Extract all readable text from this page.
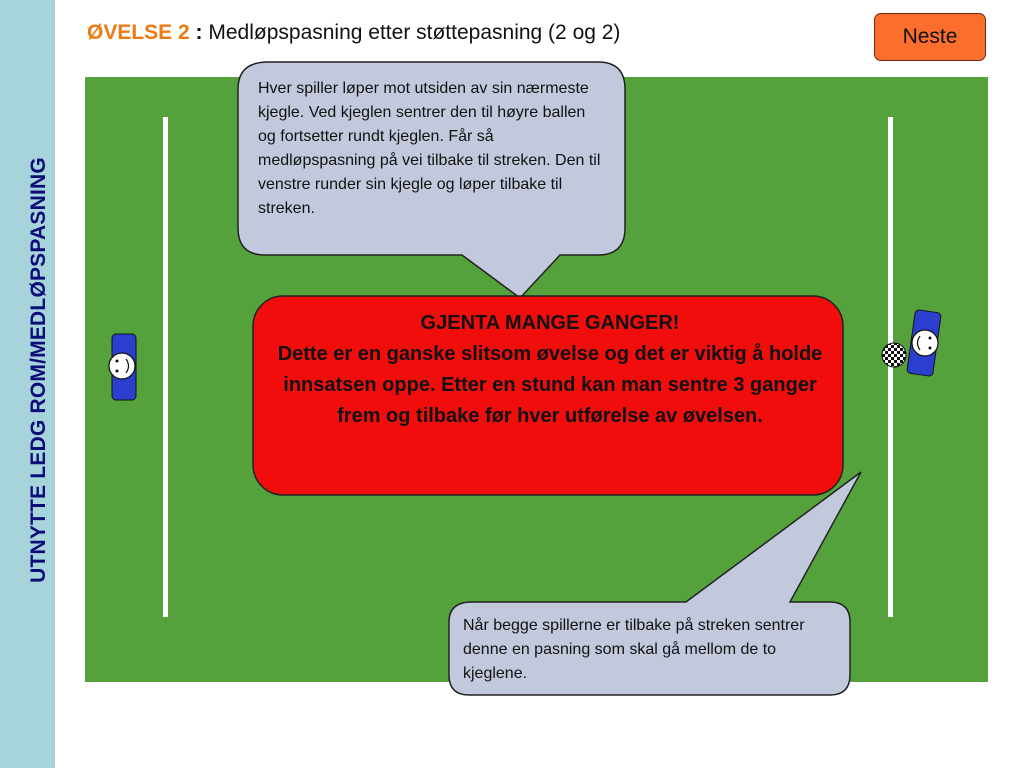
UTNYTTE LEDG ROM/MEDLØPSPASNING
ØVELSE 2 : Medløpspasning etter støttepasning (2 og 2)	Neste
Hver spiller løper mot utsiden av sin nærmeste kjegle. Ved kjeglen sentrer den til høyre ballen og fortsetter rundt kjeglen. Får så medløpspasning på vei tilbake til streken. Den til venstre runder sin kjegle og løper tilbake til streken.
GJENTA MANGE GANGER!
Dette er en ganske slitsom øvelse og det er viktig å holde innsatsen oppe. Etter en stund kan man sentre 3 ganger frem og tilbake før hver utførelse av øvelsen.
Når begge spillerne er tilbake på streken sentrer denne en pasning som skal gå mellom de to kjeglene.
